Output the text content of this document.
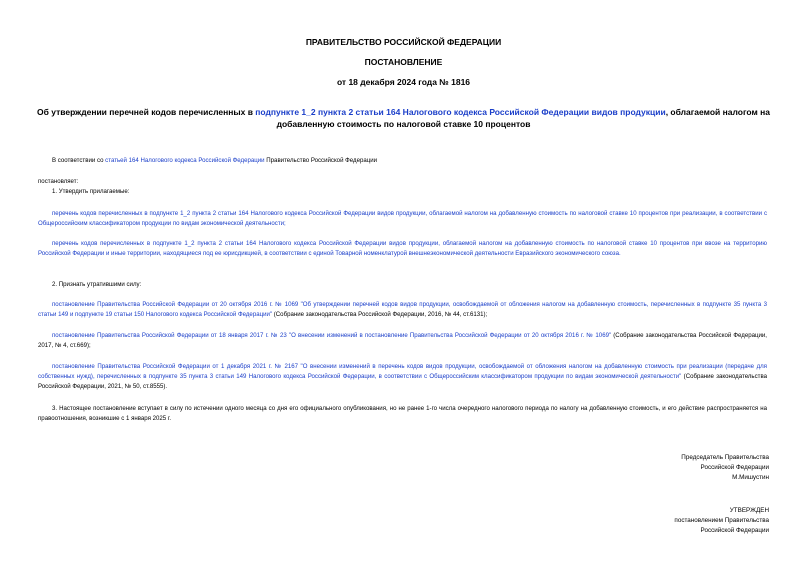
ПРАВИТЕЛЬСТВО РОССИЙСКОЙ ФЕДЕРАЦИИ
ПОСТАНОВЛЕНИЕ
от 18 декабря 2024 года № 1816
Об утверждении перечней кодов перечисленных в подпункте 1_2 пункта 2 статьи 164 Налогового кодекса Российской Федерации видов продукции, облагаемой налогом на добавленную стоимость по налоговой ставке 10 процентов
В соответствии со статьей 164 Налогового кодекса Российской Федерации Правительство Российской Федерации
постановляет:
1. Утвердить прилагаемые:
перечень кодов перечисленных в подпункте 1_2 пункта 2 статьи 164 Налогового кодекса Российской Федерации видов продукции, облагаемой налогом на добавленную стоимость по налоговой ставке 10 процентов при реализации, в соответствии с Общероссийским классификатором продукции по видам экономической деятельности;
перечень кодов перечисленных в подпункте 1_2 пункта 2 статьи 164 Налогового кодекса Российской Федерации видов продукции, облагаемой налогом на добавленную стоимость по налоговой ставке 10 процентов при ввозе на территорию Российской Федерации и иные территории, находящиеся под ее юрисдикцией, в соответствии с единой Товарной номенклатурой внешнеэкономической деятельности Евразийского экономического союза.
2. Признать утратившими силу:
постановление Правительства Российской Федерации от 20 октября 2016 г. № 1069 "Об утверждении перечней кодов видов продукции, освобождаемой от обложения налогом на добавленную стоимость, перечисленных в подпункте 35 пункта 3 статьи 149 и подпункте 19 статьи 150 Налогового кодекса Российской Федерации" (Собрание законодательства Российской Федерации, 2016, № 44, ст.6131);
постановление Правительства Российской Федерации от 18 января 2017 г. № 23 "О внесении изменений в постановление Правительства Российской Федерации от 20 октября 2016 г. № 1069" (Собрание законодательства Российской Федерации, 2017, № 4, ст.669);
постановление Правительства Российской Федерации от 1 декабря 2021 г. № 2167 "О внесении изменений в перечень кодов видов продукции, освобождаемой от обложения налогом на добавленную стоимость при реализации (передаче для собственных нужд), перечисленных в подпункте 35 пункта 3 статьи 149 Налогового кодекса Российской Федерации, в соответствии с Общероссийским классификатором продукции по видам экономической деятельности" (Собрание законодательства Российской Федерации, 2021, № 50, ст.8555).
3. Настоящее постановление вступает в силу по истечении одного месяца со дня его официального опубликования, но не ранее 1-го числа очередного налогового периода по налогу на добавленную стоимость, и его действие распространяется на правоотношения, возникшие с 1 января 2025 г.
Председатель Правительства
Российской Федерации
М.Мишустин
УТВЕРЖДЕН
постановлением Правительства
Российской Федерации
